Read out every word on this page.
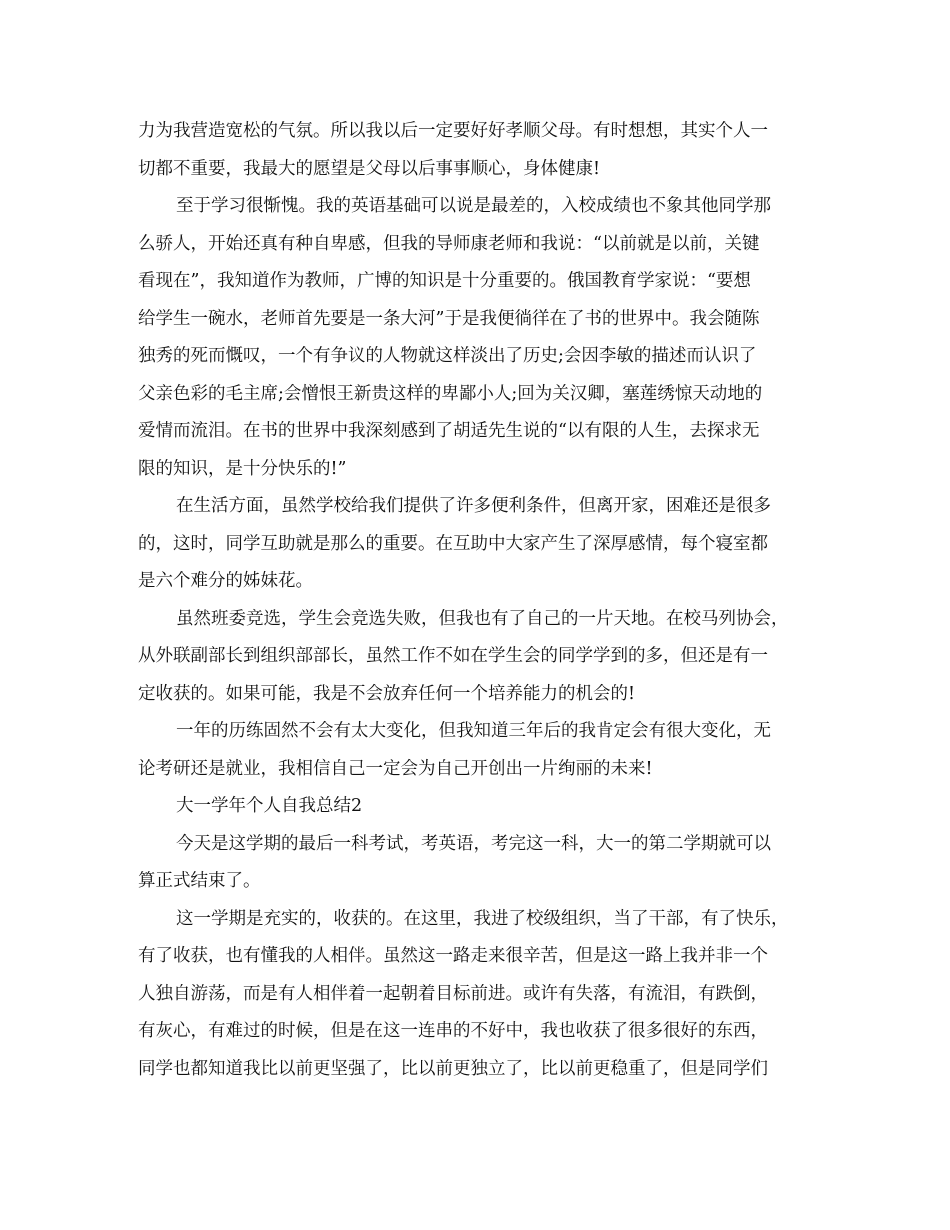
力为我营造宽松的气氛。所以我以后一定要好好孝顺父母。有时想想，其实个人一
切都不重要，我最大的愿望是父母以后事事顺心，身体健康!
至于学习很惭愧。我的英语基础可以说是最差的，入校成绩也不象其他同学那
么骄人，开始还真有种自卑感，但我的导师康老师和我说：“以前就是以前，关键
看现在”，我知道作为教师，广博的知识是十分重要的。俄国教育学家说：“要想
给学生一碗水，老师首先要是一条大河”于是我便徜徉在了书的世界中。我会随陈
独秀的死而慨叹，一个有争议的人物就这样淡出了历史;会因李敏的描述而认识了
父亲色彩的毛主席;会憎恨王新贵这样的卑鄙小人;回为关汉卿，塞莲绣惊天动地的
爱情而流泪。在书的世界中我深刻感到了胡适先生说的“以有限的人生，去探求无
限的知识，是十分快乐的!”
在生活方面，虽然学校给我们提供了许多便利条件，但离开家，困难还是很多
的，这时，同学互助就是那么的重要。在互助中大家产生了深厚感情，每个寝室都
是六个难分的姊妹花。
虽然班委竞选，学生会竞选失败，但我也有了自己的一片天地。在校马列协会，
从外联副部长到组织部部长，虽然工作不如在学生会的同学学到的多，但还是有一
定收获的。如果可能，我是不会放弃任何一个培养能力的机会的!
一年的历练固然不会有太大变化，但我知道三年后的我肯定会有很大变化，无
论考研还是就业，我相信自己一定会为自己开创出一片绚丽的未来!
大一学年个人自我总结2
今天是这学期的最后一科考试，考英语，考完这一科，大一的第二学期就可以
算正式结束了。
这一学期是充实的，收获的。在这里，我进了校级组织，当了干部，有了快乐，
有了收获，也有懂我的人相伴。虽然这一路走来很辛苦，但是这一路上我并非一个
人独自游荡，而是有人相伴着一起朝着目标前进。或许有失落，有流泪，有跌倒，
有灰心，有难过的时候，但是在这一连串的不好中，我也收获了很多很好的东西，
同学也都知道我比以前更坚强了，比以前更独立了，比以前更稳重了，但是同学们
